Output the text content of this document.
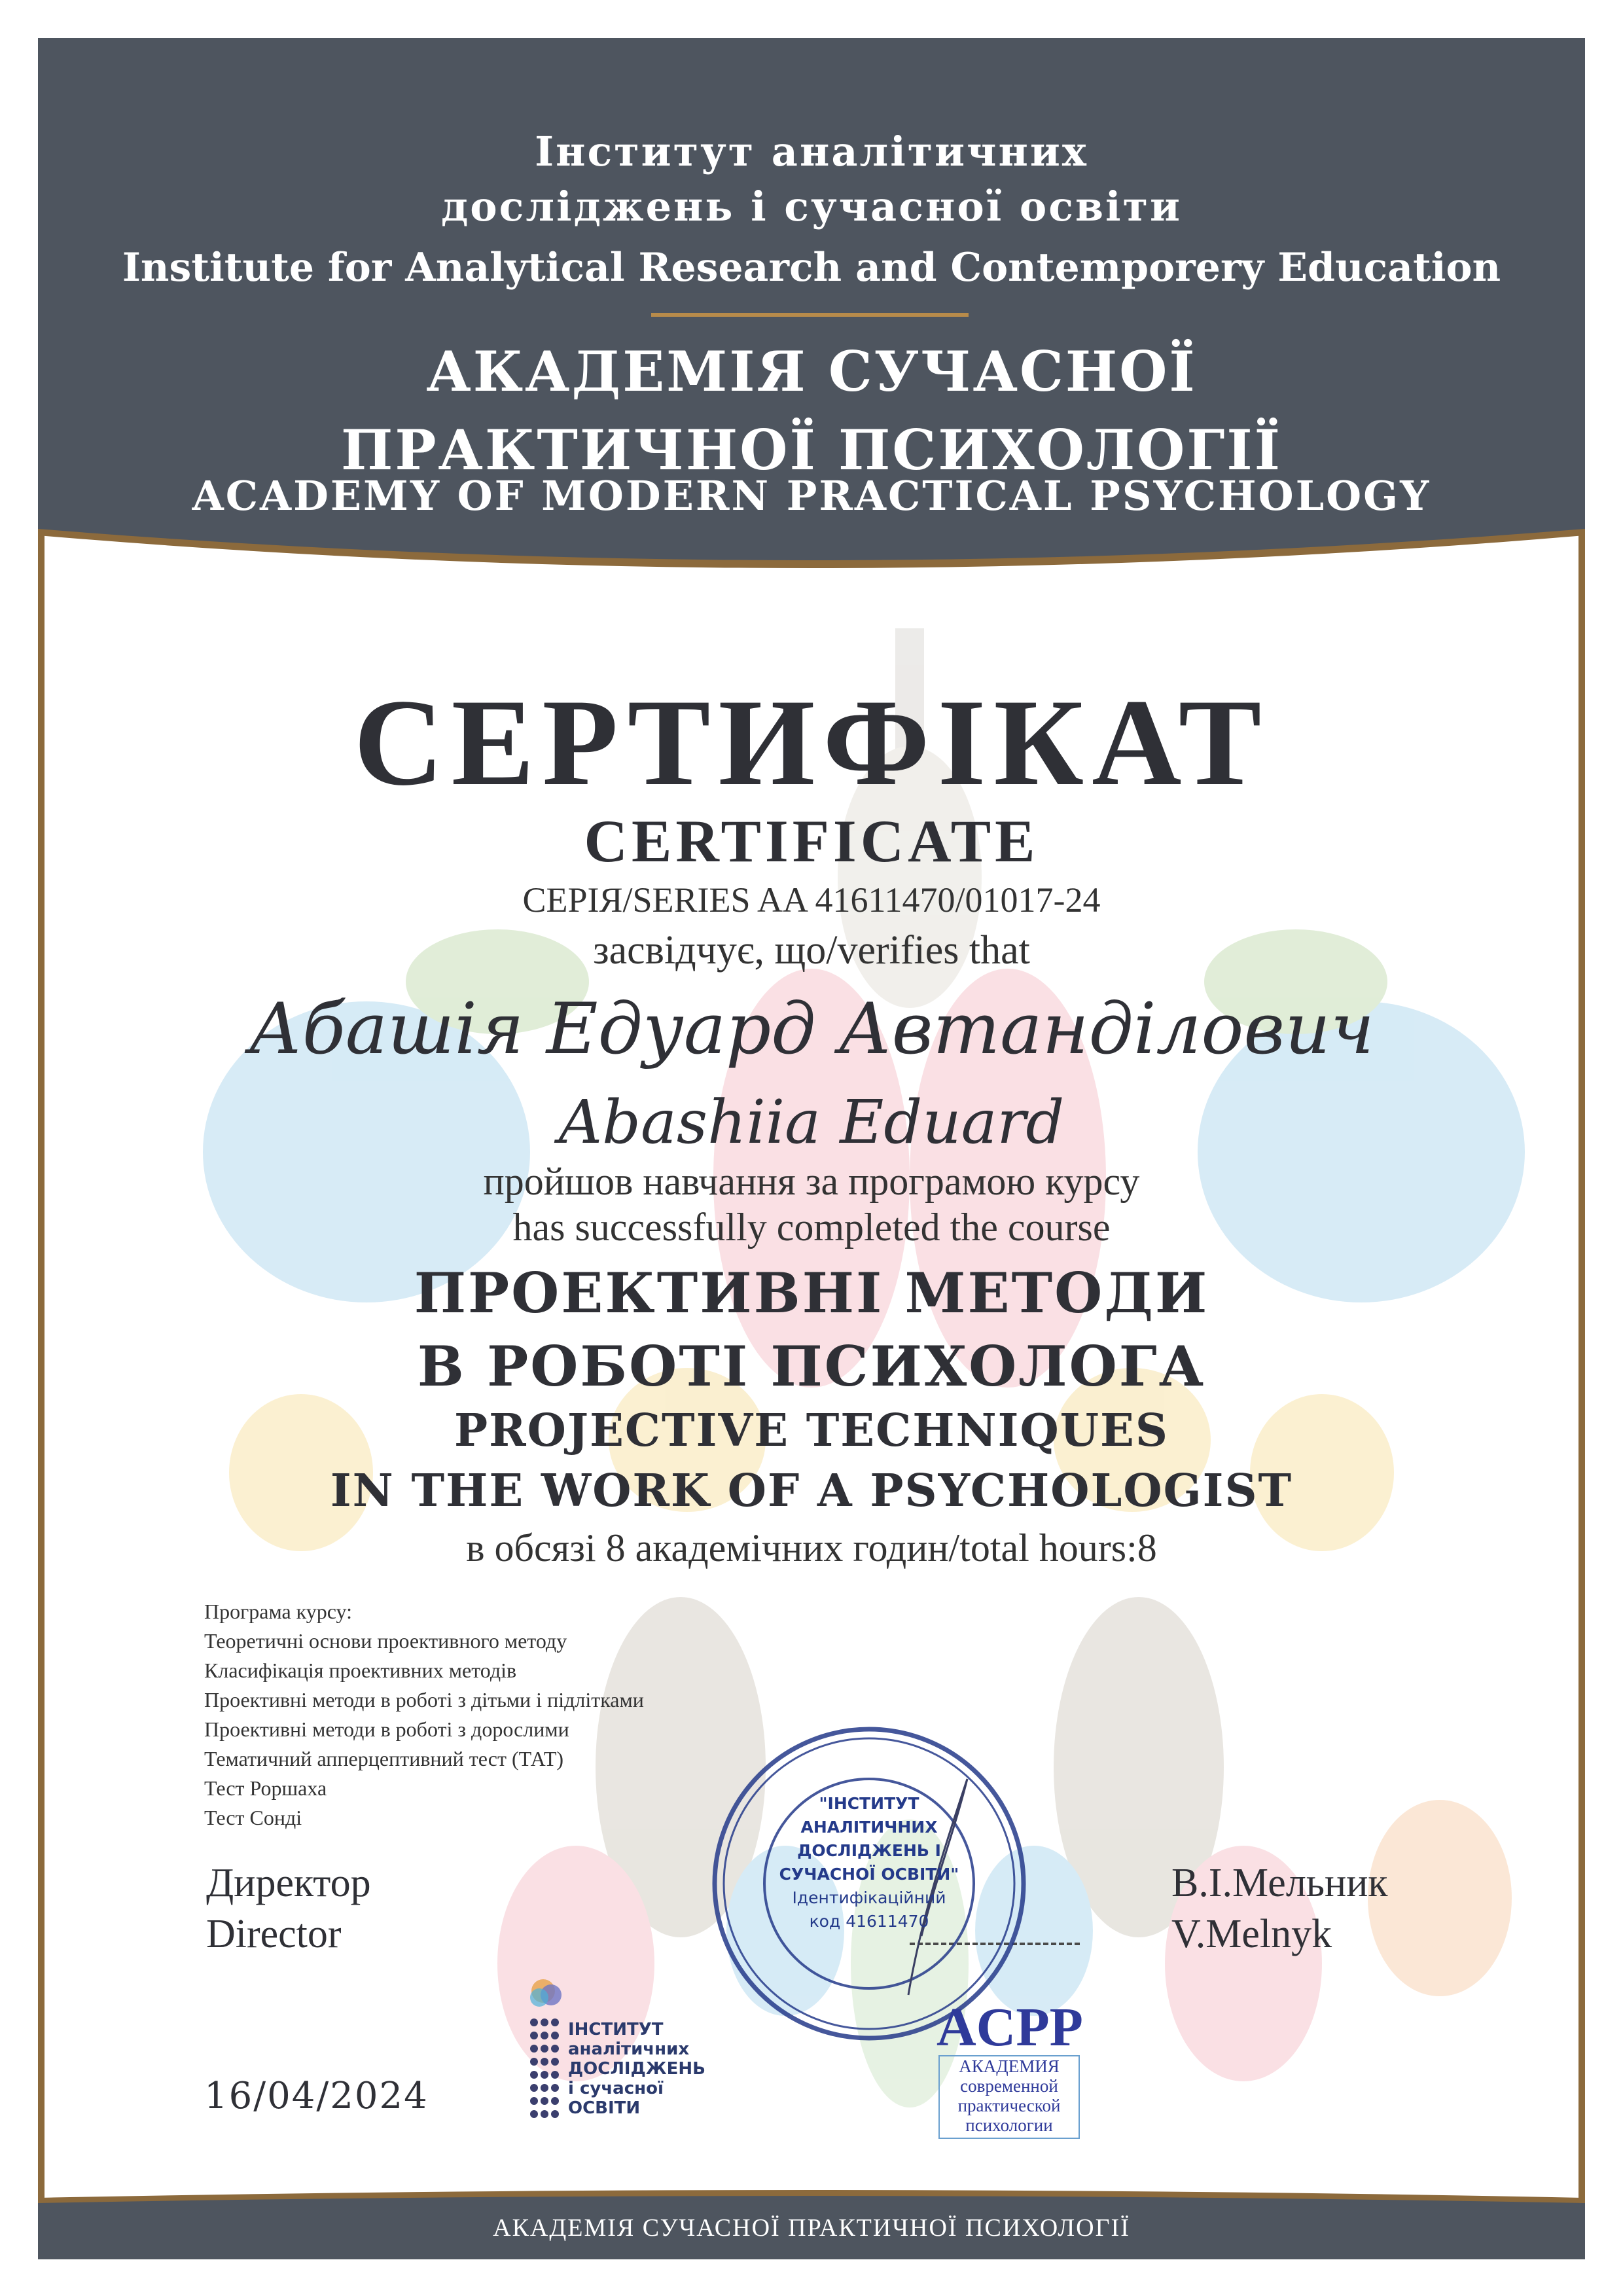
Інститут аналітичних
досліджень і сучасної освіти

Institute for Analytical Research and Contemporery Education

АКАДЕМІЯ СУЧАСНОЇ
ПРАКТИЧНОЇ ПСИХОЛОГІЇ

ACADEMY OF MODERN PRACTICAL PSYCHOLOGY

СЕРТИФІКАТ

CERTIFICATE

СЕРІЯ/SERIES AA 41611470/01017-24

засвідчує, що/verifies that

Абашія Едуард Автанділович

Abashiia Eduard

пройшов навчання за програмою курсу
has successfully completed the course

ПРОЕКТИВНІ МЕТОДИ
В РОБОТІ ПСИХОЛОГА

PROJECTIVE TECHNIQUES
IN THE WORK OF A PSYCHOLOGIST

в обсязі 8 академічних годин/total hours:8

Програма курсу:
Теоретичні основи проективного методу
Класифікація проективних методів
Проективні методи в роботі з дітьми і підлітками
Проективні методи в роботі з дорослими
Тематичний апперцептивний тест (ТАТ)
Тест Роршаха
Тест Сонді
Директор
Director
В.І.Мельник
V.Melnyk
16/04/2024

"ІНСТИТУТ
АНАЛІТИЧНИХ
ДОСЛІДЖЕНЬ І
СУЧАСНОЇ ОСВІТИ"
Ідентифікаційний
код 41611470

ІНСТИТУТ
аналітичних
ДОСЛІДЖЕНЬ
і сучасної
ОСВІТИ

ACPP
АКАДЕМИЯ
современной
практической
психологии

АКАДЕМІЯ СУЧАСНОЇ ПРАКТИЧНОЇ ПСИХОЛОГІЇ
